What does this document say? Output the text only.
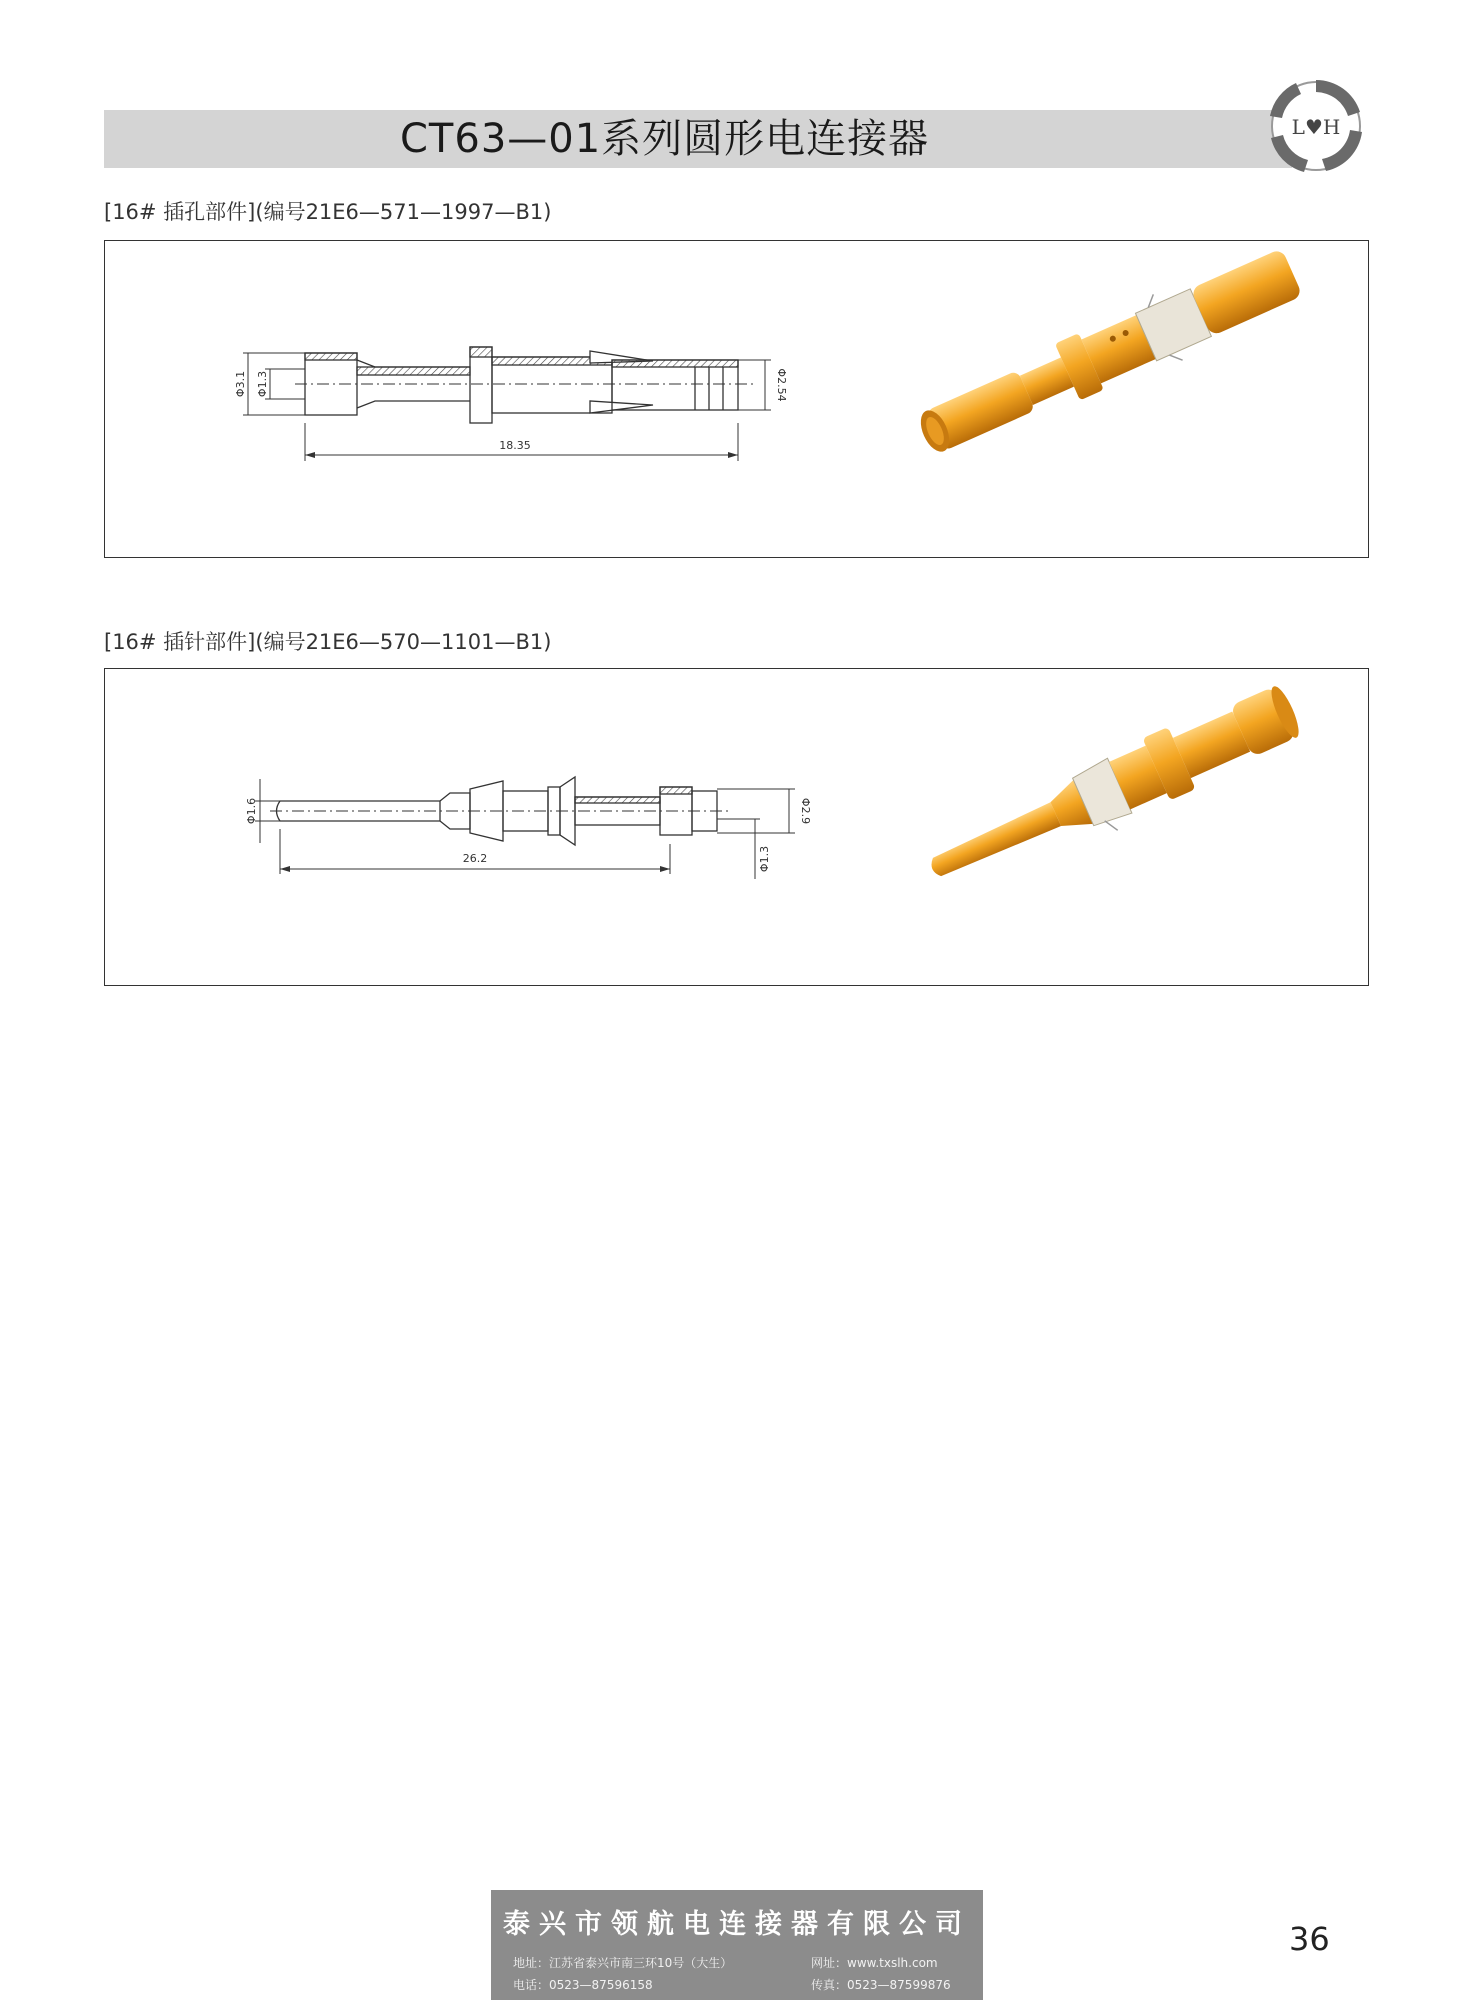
CT63—01系列圆形电连接器	L♥H
[16# 插孔部件](编号21E6—571—1997—B1)
Φ3.1 Φ1.3	Φ2.54
18.35
[16# 插针部件](编号21E6—570—1101—B1)
Φ1.6	Φ2.9
Φ1.3
26.2
泰兴市领航电连接器有限公司
地址：江苏省泰兴市南三环10号（大生）	网址：www.txslh.com
电话：0523—87596158	传真：0523—87599876
36
